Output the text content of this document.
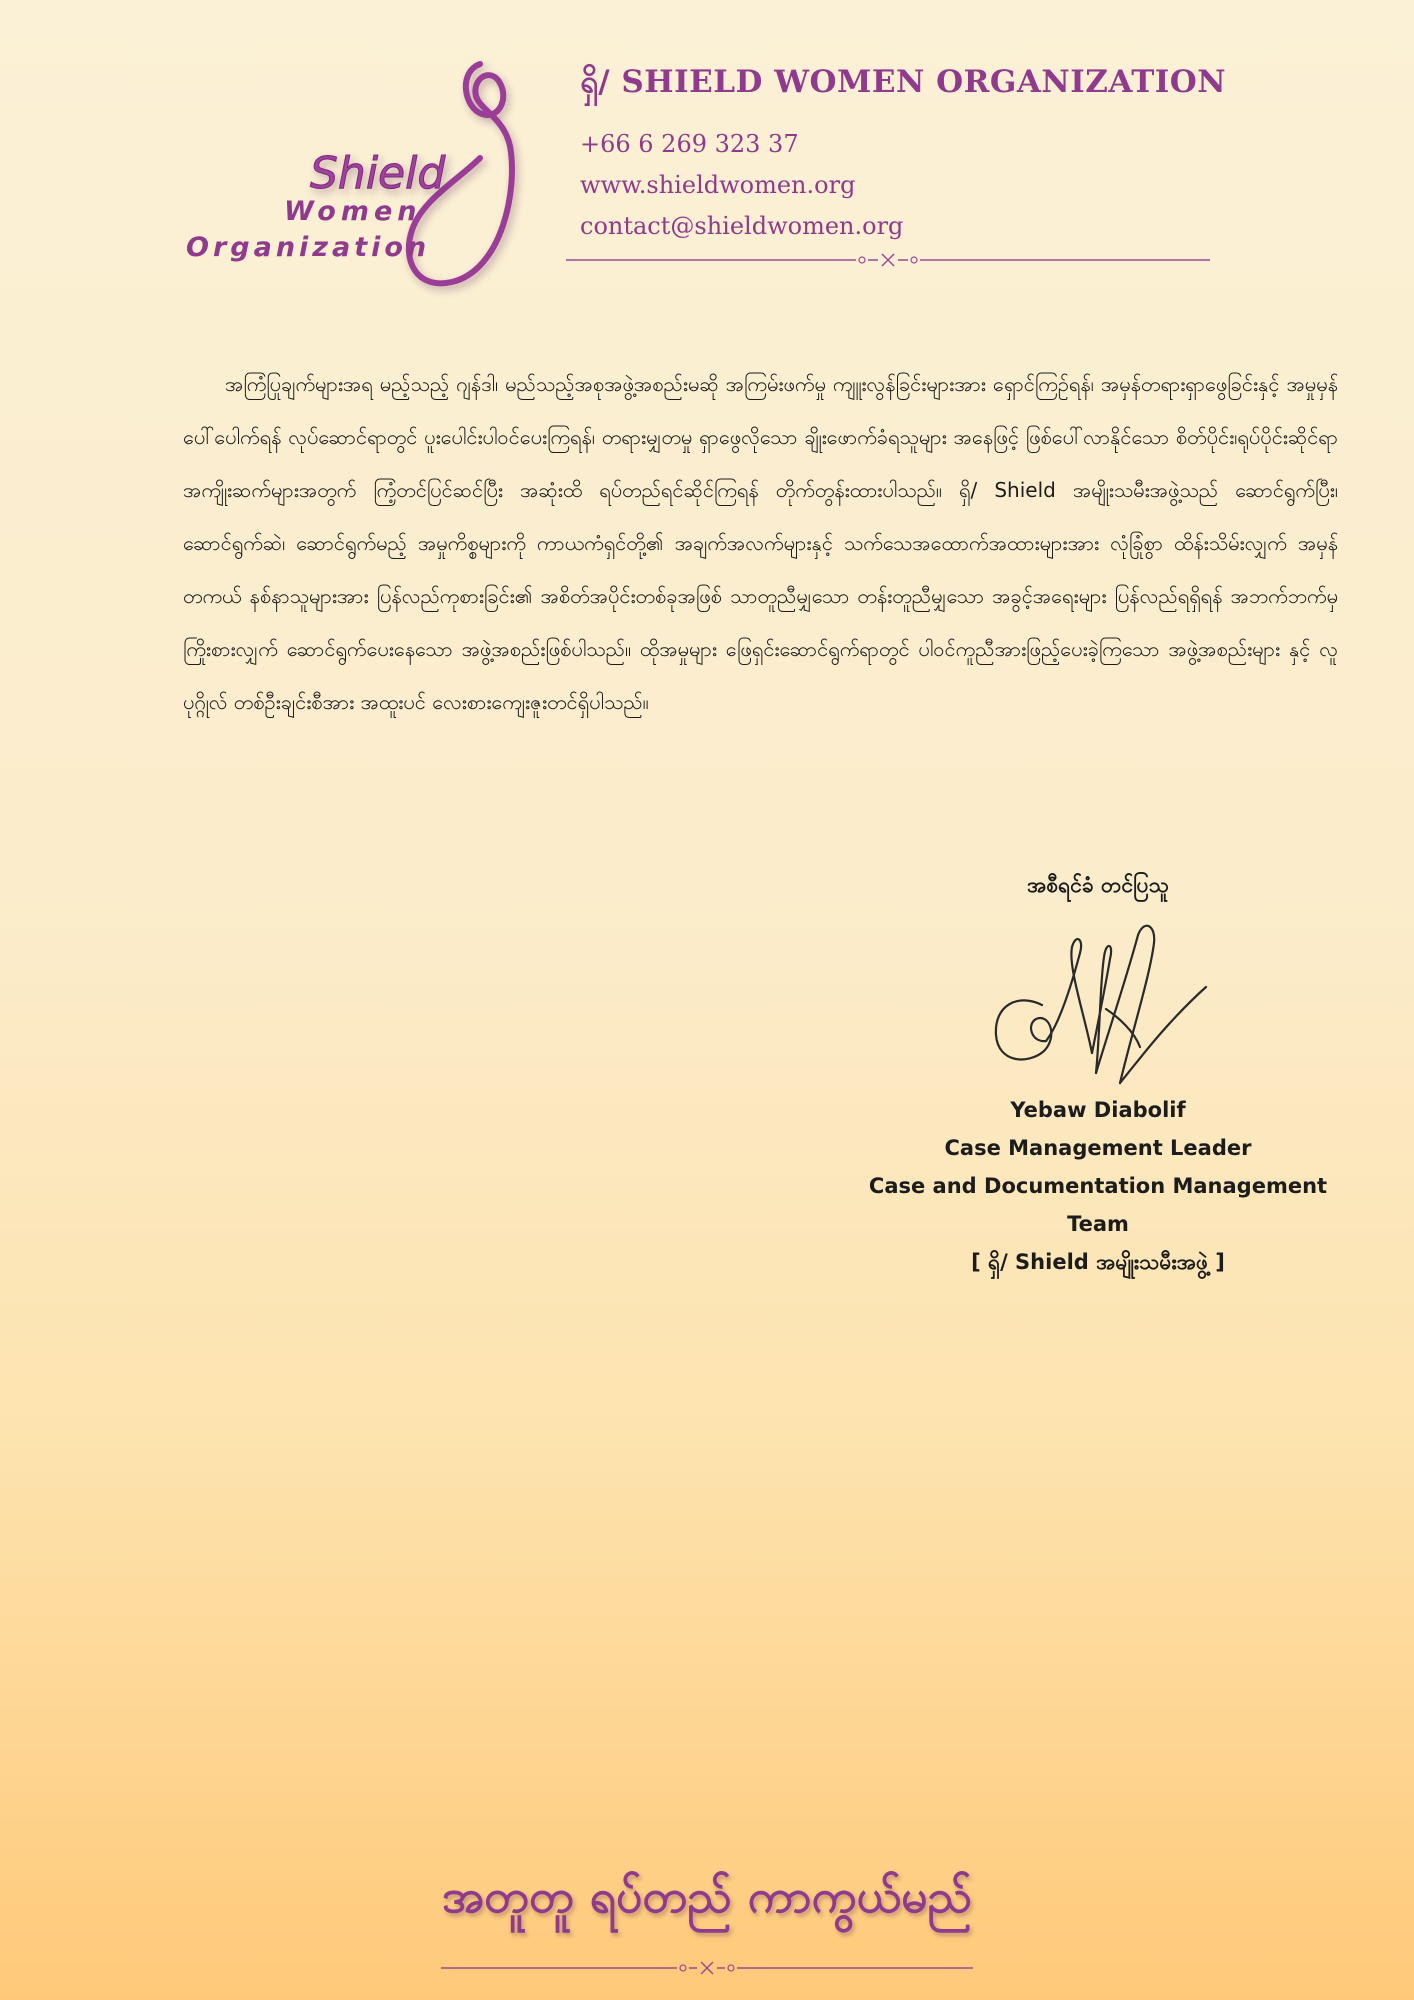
Shield
Women
Organization
ရှိ/ SHIELD WOMEN ORGANIZATION
+66 6 269 323 37
www.shieldwomen.org
contact@shieldwomen.org
အကြံပြုချက်များအရ မည့်သည့် ဂျန်ဒါ၊ မည်သည့်အစုအဖွဲ့အစည်းမဆို အကြမ်းဖက်မှု ကျူးလွန်ခြင်းများအား ရှောင်ကြဉ်ရန်၊ အမှန်တရားရှာဖွေခြင်းနှင့် အမှုမှန်ပေါ်ပေါက်ရန် လုပ်ဆောင်ရာတွင် ပူးပေါင်းပါဝင်ပေးကြရန်၊ တရားမျှတမှု ရှာဖွေလိုသော ချိုးဖောက်ခံရသူများ အနေဖြင့် ဖြစ်ပေါ်လာနိုင်သော စိတ်ပိုင်း၊ရုပ်ပိုင်းဆိုင်ရာ အကျိုးဆက်များအတွက် ကြံ့တင်ပြင်ဆင်ပြီး အဆုံးထိ ရပ်တည်ရင်ဆိုင်ကြရန် တိုက်တွန်းထားပါသည်။ ရှိ/ Shield အမျိုးသမီးအဖွဲ့သည် ဆောင်ရွက်ပြီး၊ ဆောင်ရွက်ဆဲ၊ ဆောင်ရွက်မည့် အမှုကိစ္စများကို ကာယကံရှင်တို့၏ အချက်အလက်များနှင့် သက်သေအထောက်အထားများအား လုံခြုံစွာ ထိန်းသိမ်းလျှက် အမှန်တကယ် နစ်နာသူများအား ပြန်လည်ကုစားခြင်း၏ အစိတ်အပိုင်းတစ်ခုအဖြစ် သာတူညီမျှသော တန်းတူညီမျှသော အခွင့်အရေးများ ပြန်လည်ရရှိရန် အဘက်ဘက်မှ ကြိုးစားလျှက် ဆောင်ရွက်ပေးနေသော အဖွဲ့အစည်းဖြစ်ပါသည်။ ထိုအမှုများ ဖြေရှင်းဆောင်ရွက်ရာတွင် ပါဝင်ကူညီအားဖြည့်ပေးခဲ့ကြသော အဖွဲ့အစည်းများ နှင့် လူပုဂ္ဂိုလ် တစ်ဦးချင်းစီအား အထူးပင် လေးစားကျေးဇူးတင်ရှိပါသည်။
အစီရင်ခံ တင်ပြသူ
Yebaw Diabolif
Case Management Leader
Case and Documentation Management Team
[ ရှိ/ Shield အမျိုးသမီးအဖွဲ့ ]
အတူတူ ရပ်တည် ကာကွယ်မည်
